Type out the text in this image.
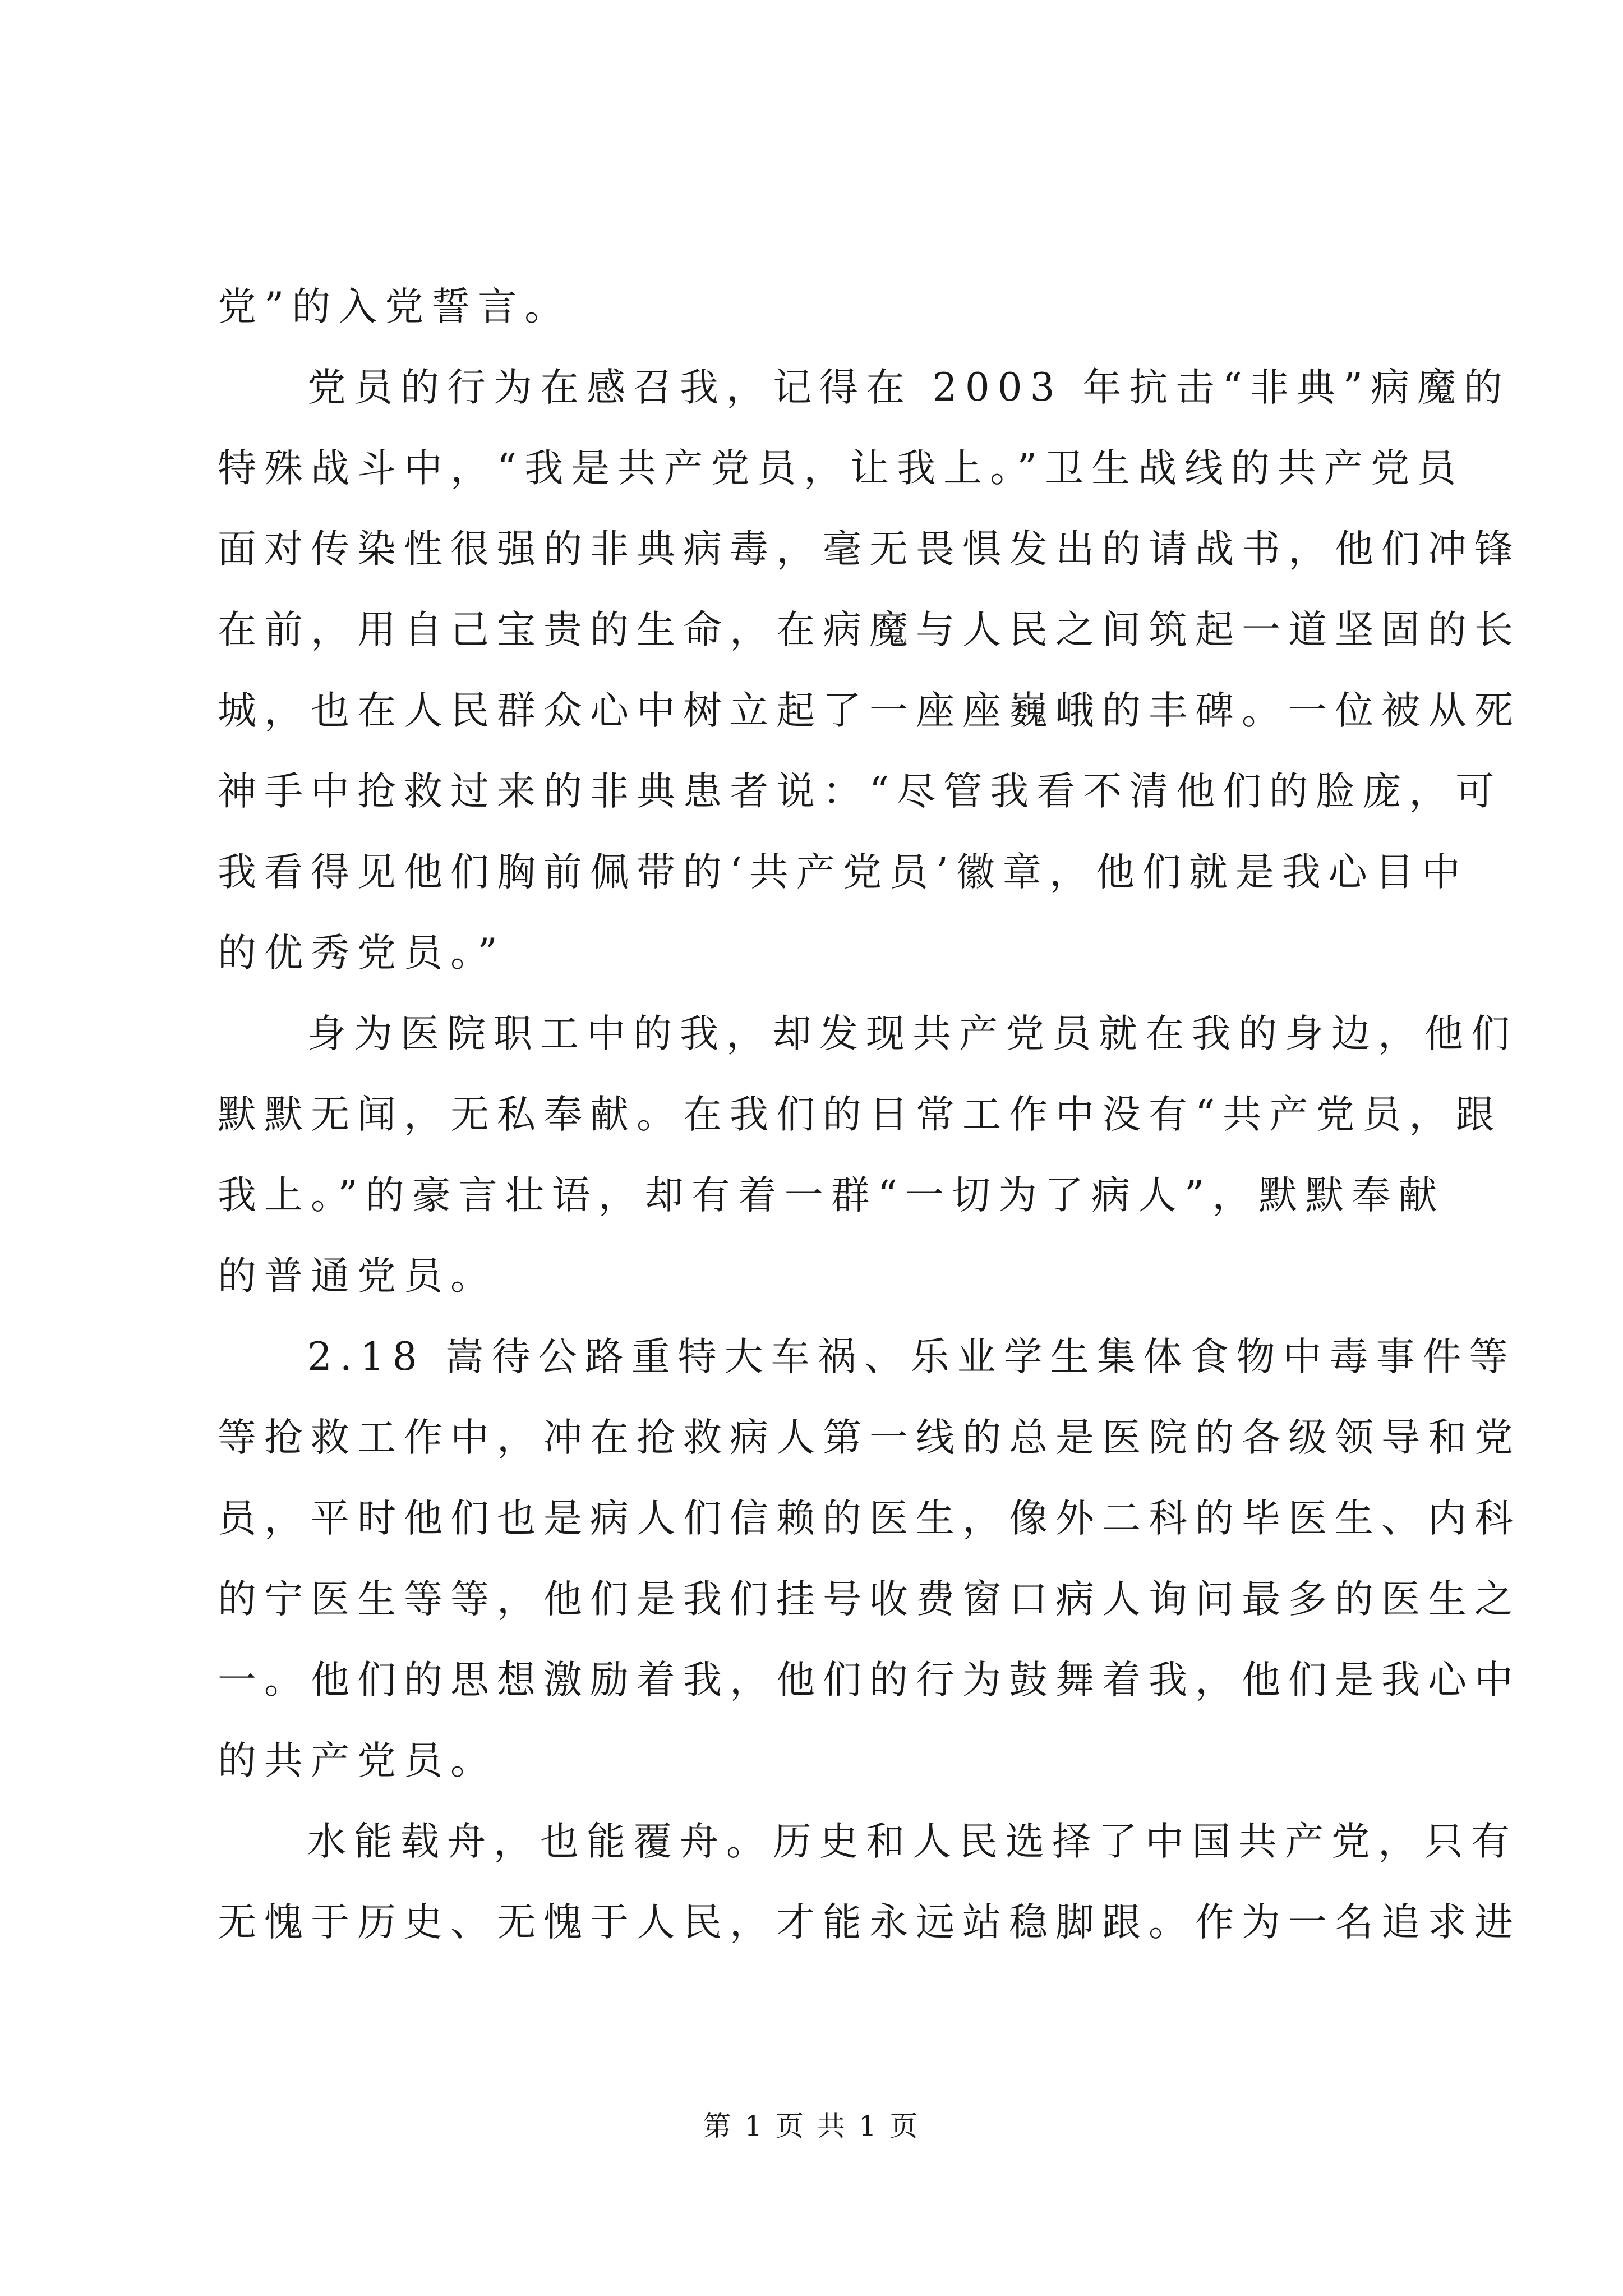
党”的入党誓言。
党员的行为在感召我，记得在 2003 年抗击“非典”病魔的
特殊战斗中，“我是共产党员，让我上。”卫生战线的共产党员
面对传染性很强的非典病毒，毫无畏惧发出的请战书，他们冲锋
在前，用自己宝贵的生命，在病魔与人民之间筑起一道坚固的长
城，也在人民群众心中树立起了一座座巍峨的丰碑。一位被从死
神手中抢救过来的非典患者说：“尽管我看不清他们的脸庞，可
我看得见他们胸前佩带的‘共产党员’徽章，他们就是我心目中
的优秀党员。”
身为医院职工中的我，却发现共产党员就在我的身边，他们
默默无闻，无私奉献。在我们的日常工作中没有“共产党员，跟
我上。”的豪言壮语，却有着一群“一切为了病人”，默默奉献
的普通党员。
2.18 嵩待公路重特大车祸、乐业学生集体食物中毒事件等
等抢救工作中，冲在抢救病人第一线的总是医院的各级领导和党
员，平时他们也是病人们信赖的医生，像外二科的毕医生、内科
的宁医生等等，他们是我们挂号收费窗口病人询问最多的医生之
一。他们的思想激励着我，他们的行为鼓舞着我，他们是我心中
的共产党员。
水能载舟，也能覆舟。历史和人民选择了中国共产党，只有
无愧于历史、无愧于人民，才能永远站稳脚跟。作为一名追求进
第 1 页 共 1 页
